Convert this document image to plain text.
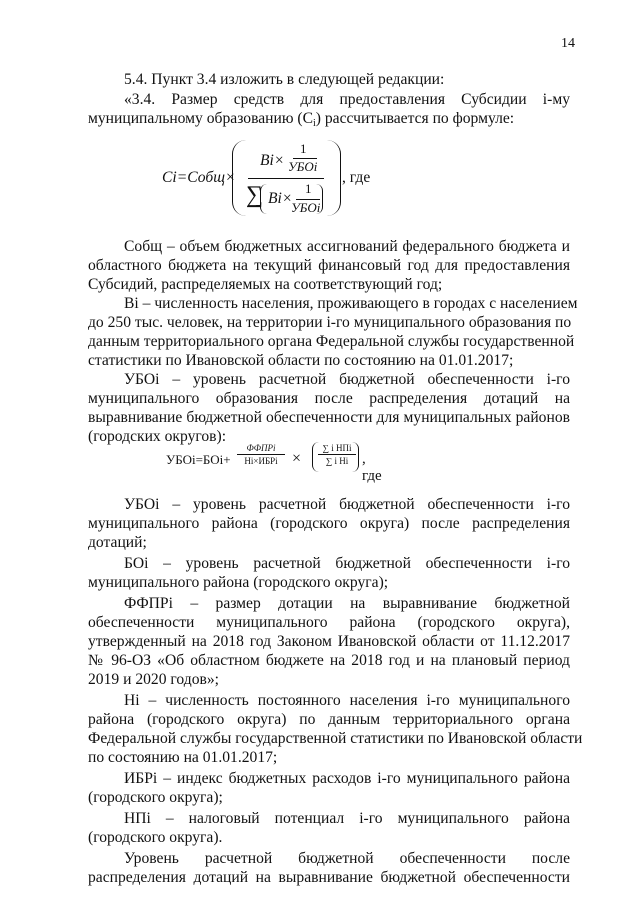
14
5.4. Пункт 3.4 изложить в следующей редакции:
«3.4. Размер средств для предоставления Субсидии i-му
муниципальному образованию $(C_i)$ рассчитывается по формуле:
Ci=Собщ×
Bi×
1
УБОi
∑ Bi×
1
УБОi
, где
Собщ – объем бюджетных ассигнований федерального бюджета и
областного бюджета на текущий финансовый год для предоставления
Субсидий, распределяемых на соответствующий год;
Bi – численность населения, проживающего в городах с населением
до 250 тыс. человек, на территории i-го муниципального образования по
данным территориального органа Федеральной службы государственной
статистики по Ивановской области по состоянию на 01.01.2017;
УБОi – уровень расчетной бюджетной обеспеченности i-го
муниципального образования после распределения дотаций на
выравнивание бюджетной обеспеченности для муниципальных районов
(городских округов):
УБОi=БОi+
ФФПРi
Hi×ИБРi ×
∑ i НПi
∑ i Hi , где
УБОi – уровень расчетной бюджетной обеспеченности i-го
муниципального района (городского округа) после распределения
дотаций;
БОi – уровень расчетной бюджетной обеспеченности i-го
муниципального района (городского округа);
ФФПРi – размер дотации на выравнивание бюджетной
обеспеченности муниципального района (городского округа),
утвержденный на 2018 год Законом Ивановской области от 11.12.2017
№ 96-ОЗ «Об областном бюджете на 2018 год и на плановый период
2019 и 2020 годов»;
Hi – численность постоянного населения i-го муниципального
района (городского округа) по данным территориального органа
Федеральной службы государственной статистики по Ивановской области
по состоянию на 01.01.2017;
ИБРi – индекс бюджетных расходов i-го муниципального района
(городского округа);
НПi – налоговый потенциал i-го муниципального района
(городского округа).
Уровень расчетной бюджетной обеспеченности после
распределения дотаций на выравнивание бюджетной обеспеченности
